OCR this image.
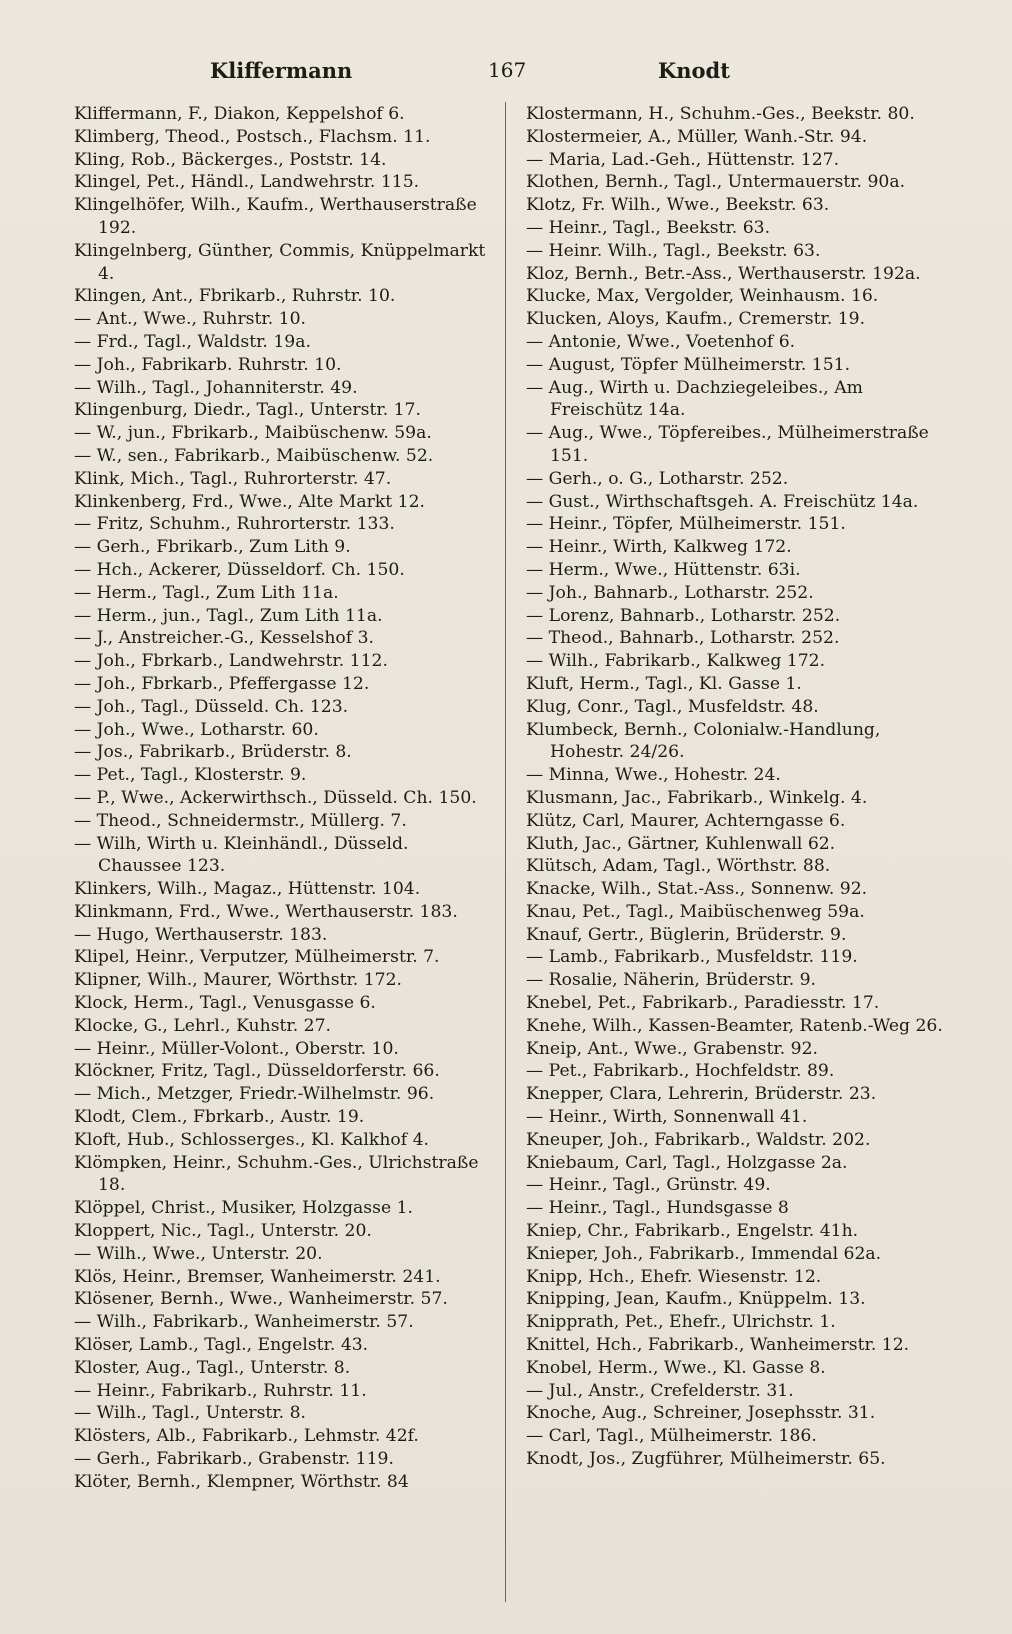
Kliffermann	167	Knodt
Kliffermann, F., Diakon, Keppelshof 6.
Klimberg, Theod., Postsch., Flachsm. 11.
Kling, Rob., Bäckerges., Poststr. 14.
Klingel, Pet., Händl., Landwehrstr. 115.
Klingelhöfer, Wilh., Kaufm., Werthauserstraße 192.
Klingelnberg, Günther, Commis, Knüppelmarkt 4.
Klingen, Ant., Fbrikarb., Ruhrstr. 10.
— Ant., Wwe., Ruhrstr. 10.
— Frd., Tagl., Waldstr. 19a.
— Joh., Fabrikarb. Ruhrstr. 10.
— Wilh., Tagl., Johanniterstr. 49.
Klingenburg, Diedr., Tagl., Unterstr. 17.
— W., jun., Fbrikarb., Maibüschenw. 59a.
— W., sen., Fabrikarb., Maibüschenw. 52.
Klink, Mich., Tagl., Ruhrorterstr. 47.
Klinkenberg, Frd., Wwe., Alte Markt 12.
— Fritz, Schuhm., Ruhrorterstr. 133.
— Gerh., Fbrikarb., Zum Lith 9.
— Hch., Ackerer, Düsseldorf. Ch. 150.
— Herm., Tagl., Zum Lith 11a.
— Herm., jun., Tagl., Zum Lith 11a.
— J., Anstreicher.-G., Kesselshof 3.
— Joh., Fbrkarb., Landwehrstr. 112.
— Joh., Fbrkarb., Pfeffergasse 12.
— Joh., Tagl., Düsseld. Ch. 123.
— Joh., Wwe., Lotharstr. 60.
— Jos., Fabrikarb., Brüderstr. 8.
— Pet., Tagl., Klosterstr. 9.
— P., Wwe., Ackerwirthsch., Düsseld. Ch. 150.
— Theod., Schneidermstr., Müllerg. 7.
— Wilh, Wirth u. Kleinhändl., Düsseld. Chaussee 123.
Klinkers, Wilh., Magaz., Hüttenstr. 104.
Klinkmann, Frd., Wwe., Werthauserstr. 183.
— Hugo, Werthauserstr. 183.
Klipel, Heinr., Verputzer, Mülheimerstr. 7.
Klipner, Wilh., Maurer, Wörthstr. 172.
Klock, Herm., Tagl., Venusgasse 6.
Klocke, G., Lehrl., Kuhstr. 27.
— Heinr., Müller-Volont., Oberstr. 10.
Klöckner, Fritz, Tagl., Düsseldorferstr. 66.
— Mich., Metzger, Friedr.-Wilhelmstr. 96.
Klodt, Clem., Fbrkarb., Austr. 19.
Kloft, Hub., Schlosserges., Kl. Kalkhof 4.
Klömpken, Heinr., Schuhm.-Ges., Ulrichstraße 18.
Klöppel, Christ., Musiker, Holzgasse 1.
Kloppert, Nic., Tagl., Unterstr. 20.
— Wilh., Wwe., Unterstr. 20.
Klös, Heinr., Bremser, Wanheimerstr. 241.
Klösener, Bernh., Wwe., Wanheimerstr. 57.
— Wilh., Fabrikarb., Wanheimerstr. 57.
Klöser, Lamb., Tagl., Engelstr. 43.
Kloster, Aug., Tagl., Unterstr. 8.
— Heinr., Fabrikarb., Ruhrstr. 11.
— Wilh., Tagl., Unterstr. 8.
Klösters, Alb., Fabrikarb., Lehmstr. 42f.
— Gerh., Fabrikarb., Grabenstr. 119.
Klöter, Bernh., Klempner, Wörthstr. 84
Klostermann, H., Schuhm.-Ges., Beekstr. 80.
Klostermeier, A., Müller, Wanh.-Str. 94.
— Maria, Lad.-Geh., Hüttenstr. 127.
Klothen, Bernh., Tagl., Untermauerstr. 90a.
Klotz, Fr. Wilh., Wwe., Beekstr. 63.
— Heinr., Tagl., Beekstr. 63.
— Heinr. Wilh., Tagl., Beekstr. 63.
Kloz, Bernh., Betr.-Ass., Werthauserstr. 192a.
Klucke, Max, Vergolder, Weinhausm. 16.
Klucken, Aloys, Kaufm., Cremerstr. 19.
— Antonie, Wwe., Voetenhof 6.
— August, Töpfer Mülheimerstr. 151.
— Aug., Wirth u. Dachziegeleibes., Am Freischütz 14a.
— Aug., Wwe., Töpfereibes., Mülheimerstraße 151.
— Gerh., o. G., Lotharstr. 252.
— Gust., Wirthschaftsgeh. A. Freischütz 14a.
— Heinr., Töpfer, Mülheimerstr. 151.
— Heinr., Wirth, Kalkweg 172.
— Herm., Wwe., Hüttenstr. 63i.
— Joh., Bahnarb., Lotharstr. 252.
— Lorenz, Bahnarb., Lotharstr. 252.
— Theod., Bahnarb., Lotharstr. 252.
— Wilh., Fabrikarb., Kalkweg 172.
Kluft, Herm., Tagl., Kl. Gasse 1.
Klug, Conr., Tagl., Musfeldstr. 48.
Klumbeck, Bernh., Colonialw.-Handlung, Hohestr. 24/26.
— Minna, Wwe., Hohestr. 24.
Klusmann, Jac., Fabrikarb., Winkelg. 4.
Klütz, Carl, Maurer, Achterngasse 6.
Kluth, Jac., Gärtner, Kuhlenwall 62.
Klütsch, Adam, Tagl., Wörthstr. 88.
Knacke, Wilh., Stat.-Ass., Sonnenw. 92.
Knau, Pet., Tagl., Maibüschenweg 59a.
Knauf, Gertr., Büglerin, Brüderstr. 9.
— Lamb., Fabrikarb., Musfeldstr. 119.
— Rosalie, Näherin, Brüderstr. 9.
Knebel, Pet., Fabrikarb., Paradiesstr. 17.
Knehe, Wilh., Kassen-Beamter, Ratenb.-Weg 26.
Kneip, Ant., Wwe., Grabenstr. 92.
— Pet., Fabrikarb., Hochfeldstr. 89.
Knepper, Clara, Lehrerin, Brüderstr. 23.
— Heinr., Wirth, Sonnenwall 41.
Kneuper, Joh., Fabrikarb., Waldstr. 202.
Kniebaum, Carl, Tagl., Holzgasse 2a.
— Heinr., Tagl., Grünstr. 49.
— Heinr., Tagl., Hundsgasse 8
Kniep, Chr., Fabrikarb., Engelstr. 41h.
Knieper, Joh., Fabrikarb., Immendal 62a.
Knipp, Hch., Ehefr. Wiesenstr. 12.
Knipping, Jean, Kaufm., Knüppelm. 13.
Knipprath, Pet., Ehefr., Ulrichstr. 1.
Knittel, Hch., Fabrikarb., Wanheimerstr. 12.
Knobel, Herm., Wwe., Kl. Gasse 8.
— Jul., Anstr., Crefelderstr. 31.
Knoche, Aug., Schreiner, Josephsstr. 31.
— Carl, Tagl., Mülheimerstr. 186.
Knodt, Jos., Zugführer, Mülheimerstr. 65.
